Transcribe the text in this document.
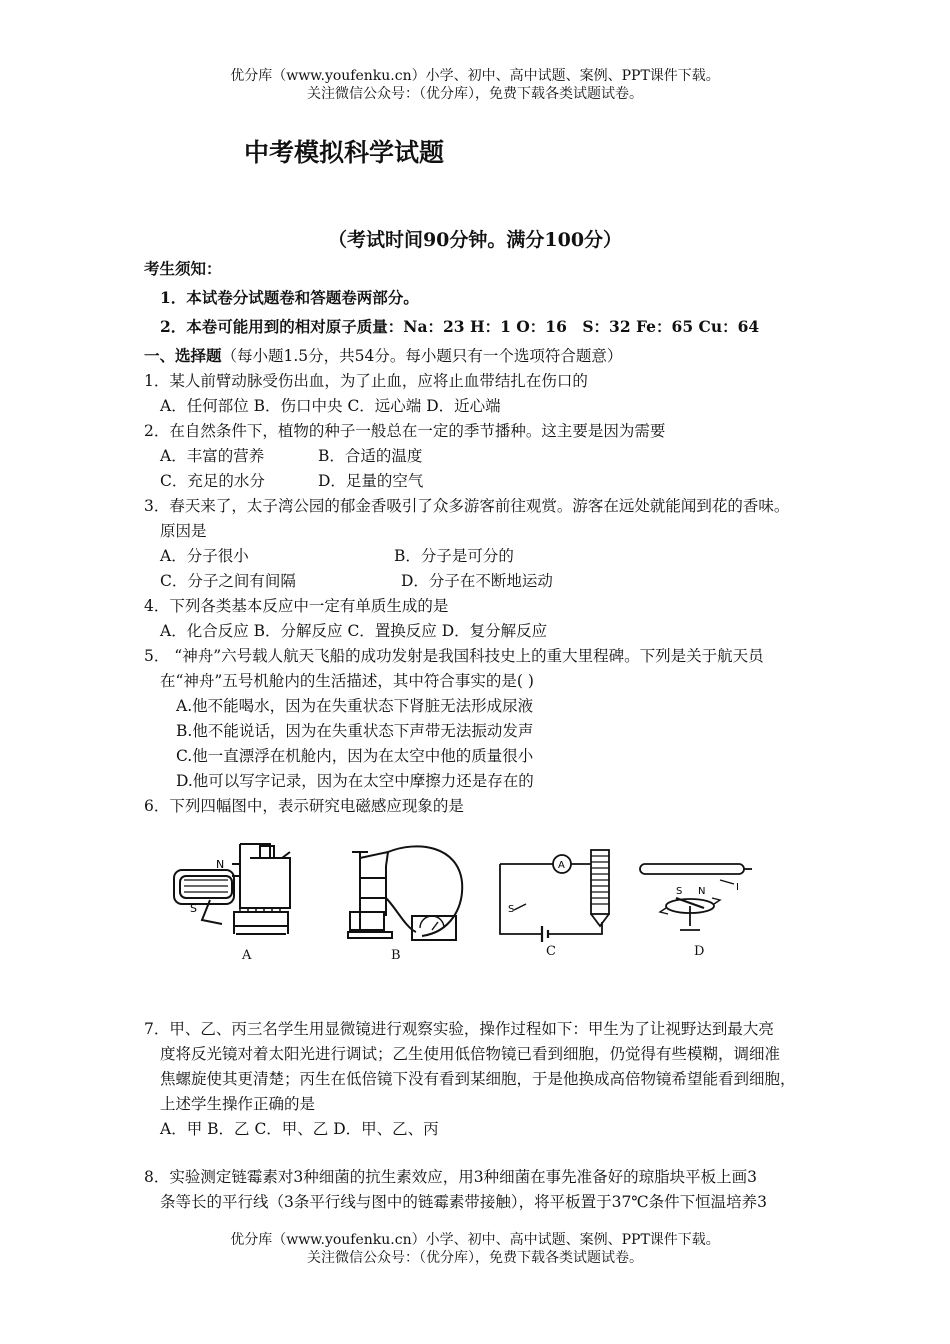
优分库（www.youfenku.cn）小学、初中、高中试题、案例、PPT课件下载。
关注微信公众号：（优分库），免费下载各类试题试卷。
中考模拟科学试题
（考试时间90分钟。满分100分）
考生须知：
1．本试卷分试题卷和答题卷两部分。
2．本卷可能用到的相对原子质量：Na：23 H：1 O：16　S：32 Fe：65 Cu：64
一、选择题（每小题1.5分，共54分。每小题只有一个选项符合题意）
1．某人前臂动脉受伤出血，为了止血，应将止血带结扎在伤口的
A．任何部位 B．伤口中央 C．远心端 D．近心端
2．在自然条件下，植物的种子一般总在一定的季节播种。这主要是因为需要
A．丰富的营养	B．合适的温度
C．充足的水分	D．足量的空气
3．春天来了，太子湾公园的郁金香吸引了众多游客前往观赏。游客在远处就能闻到花的香味。
原因是
A．分子很小	B．分子是可分的
C．分子之间有间隔	D．分子在不断地运动
4．下列各类基本反应中一定有单质生成的是
A．化合反应 B．分解反应 C．置换反应 D．复分解反应
5． “神舟”六号载人航天飞船的成功发射是我国科技史上的重大里程碑。下列是关于航天员
在“神舟”五号机舱内的生活描述，其中符合事实的是( )
A.他不能喝水，因为在失重状态下肾脏无法形成尿液
B.他不能说话，因为在失重状态下声带无法振动发声
C.他一直漂浮在机舱内，因为在太空中他的质量很小
D.他可以写字记录，因为在太空中摩擦力还是存在的
6．下列四幅图中，表示研究电磁感应现象的是
N
S
A
S
I
S N
A	B	C	D
7．甲、乙、丙三名学生用显微镜进行观察实验，操作过程如下：甲生为了让视野达到最大亮
度将反光镜对着太阳光进行调试；乙生使用低倍物镜已看到细胞，仍觉得有些模糊，调细准
焦螺旋使其更清楚；丙生在低倍镜下没有看到某细胞，于是他换成高倍物镜希望能看到细胞，
上述学生操作正确的是
A．甲 B．乙 C．甲、乙 D．甲、乙、丙
8．实验测定链霉素对3种细菌的抗生素效应，用3种细菌在事先准备好的琼脂块平板上画3
条等长的平行线（3条平行线与图中的链霉素带接触），将平板置于37℃条件下恒温培养3
优分库（www.youfenku.cn）小学、初中、高中试题、案例、PPT课件下载。
关注微信公众号：（优分库），免费下载各类试题试卷。
